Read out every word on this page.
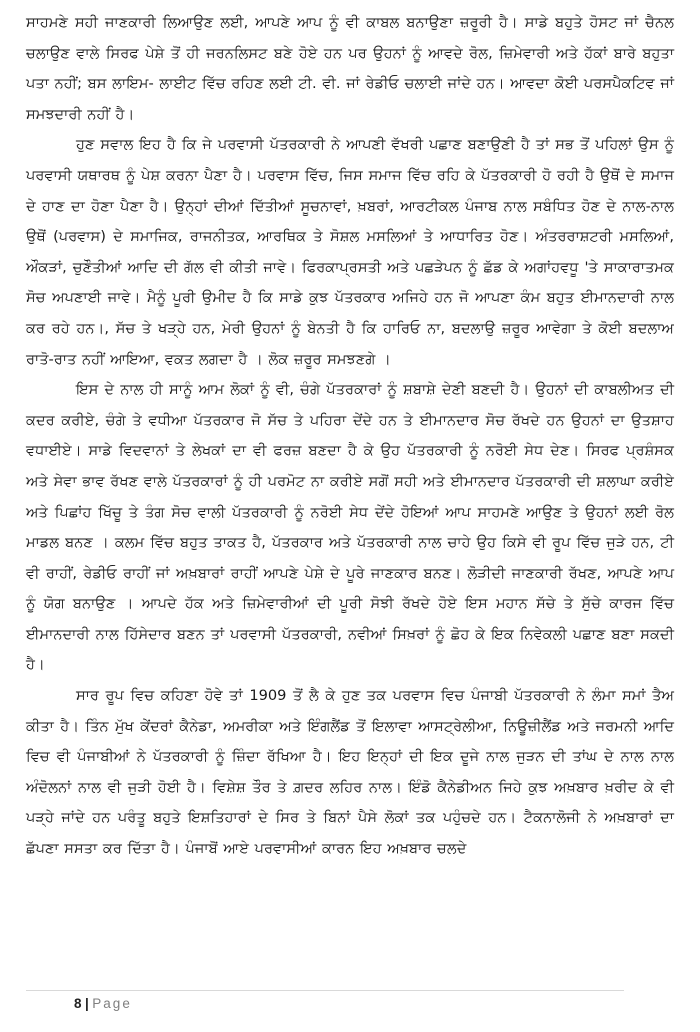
ਸਾਹਮਣੇ ਸਹੀ ਜਾਣਕਾਰੀ ਲਿਆਉਣ ਲਈ, ਆਪਣੇ ਆਪ ਨੂੰ ਵੀ ਕਾਬਲ ਬਨਾਉਣਾ ਜ਼ਰੂਰੀ ਹੈ। ਸਾਡੇ ਬਹੁਤੇ ਹੋਸਟ ਜਾਂ ਚੈਨਲ ਚਲਾਉਣ ਵਾਲੇ ਸਿਰਫ ਪੇਸ਼ੇ ਤੋਂ ਹੀ ਜਰਨਲਿਸਟ ਬਣੇ ਹੋਏ ਹਨ ਪਰ ਉਹਨਾਂ ਨੂੰ ਆਵਦੇ ਰੋਲ, ਜ਼ਿਮੇਵਾਰੀ ਅਤੇ ਹੱਕਾਂ ਬਾਰੇ ਬਹੁਤਾ ਪਤਾ ਨਹੀਂ; ਬਸ ਲਾਇਮ- ਲਾਈਟ ਵਿੱਚ ਰਹਿਣ ਲਈ ਟੀ. ਵੀ. ਜਾਂ ਰੇਡੀਓ ਚਲਾਈ ਜਾਂਦੇ ਹਨ। ਆਵਦਾ ਕੋਈ ਪਰਸਪੈਕਟਿਵ ਜਾਂ ਸਮਝਦਾਰੀ ਨਹੀਂ ਹੈ।

ਹੁਣ ਸਵਾਲ ਇਹ ਹੈ ਕਿ ਜੇ ਪਰਵਾਸੀ ਪੱਤਰਕਾਰੀ ਨੇ ਆਪਣੀ ਵੱਖਰੀ ਪਛਾਣ ਬਣਾਉਣੀ ਹੈ ਤਾਂ ਸਭ ਤੋਂ ਪਹਿਲਾਂ ਉਸ ਨੂੰ ਪਰਵਾਸੀ ਯਥਾਰਥ ਨੂੰ ਪੇਸ਼ ਕਰਨਾ ਪੈਣਾ ਹੈ। ਪਰਵਾਸ ਵਿੱਚ, ਜਿਸ ਸਮਾਜ ਵਿੱਚ ਰਹਿ ਕੇ ਪੱਤਰਕਾਰੀ ਹੋ ਰਹੀ ਹੈ ਉਥੋਂ ਦੇ ਸਮਾਜ ਦੇ ਹਾਣ ਦਾ ਹੋਣਾ ਪੈਣਾ ਹੈ। ਉਨ੍ਹਾਂ ਦੀਆਂ ਦਿੱਤੀਆਂ ਸੂਚਨਾਵਾਂ, ਖ਼ਬਰਾਂ, ਆਰਟੀਕਲ ਪੰਜਾਬ ਨਾਲ ਸਬੰਧਿਤ ਹੋਣ ਦੇ ਨਾਲ-ਨਾਲ ਉਥੋਂ (ਪਰਵਾਸ) ਦੇ ਸਮਾਜਿਕ, ਰਾਜਨੀਤਕ, ਆਰਥਿਕ ਤੇ ਸੋਸ਼ਲ ਮਸਲਿਆਂ ਤੇ ਆਧਾਰਿਤ ਹੋਣ। ਅੰਤਰਰਾਸ਼ਟਰੀ ਮਸਲਿਆਂ, ਔਕੜਾਂ, ਚੁਣੌਤੀਆਂ ਆਦਿ ਦੀ ਗੱਲ ਵੀ ਕੀਤੀ ਜਾਵੇ। ਫਿਰਕਾਪ੍ਰਸਤੀ ਅਤੇ ਪਛੜੇਪਨ ਨੂੰ ਛੱਡ ਕੇ ਅਗਾਂਹਵਧੂ 'ਤੇ ਸਾਕਾਰਾਤਮਕ ਸੋਚ ਅਪਣਾਈ ਜਾਵੇ। ਮੈਨੂੰ ਪੂਰੀ ਉਮੀਦ ਹੈ ਕਿ ਸਾਡੇ ਕੁਝ ਪੱਤਰਕਾਰ ਅਜਿਹੇ ਹਨ ਜੋ ਆਪਣਾ ਕੰਮ ਬਹੁਤ ਈਮਾਨਦਾਰੀ ਨਾਲ ਕਰ ਰਹੇ ਹਨ।, ਸੱਚ ਤੇ ਖੜ੍ਹੇ ਹਨ, ਮੇਰੀ ਉਹਨਾਂ ਨੂੰ ਬੇਨਤੀ ਹੈ ਕਿ ਹਾਰਿਓ ਨਾ, ਬਦਲਾਉ ਜ਼ਰੂਰ ਆਵੇਗਾ ਤੇ ਕੋਈ ਬਦਲਾਅ ਰਾਤੋ-ਰਾਤ ਨਹੀਂ ਆਇਆ, ਵਕਤ ਲਗਦਾ ਹੈ । ਲੋਕ ਜ਼ਰੂਰ ਸਮਝਣਗੇ ।

ਇਸ ਦੇ ਨਾਲ ਹੀ ਸਾਨੂੰ ਆਮ ਲੋਕਾਂ ਨੂੰ ਵੀ, ਚੰਗੇ ਪੱਤਰਕਾਰਾਂ ਨੂੰ ਸ਼ਬਾਸ਼ੇ ਦੇਣੀ ਬਣਦੀ ਹੈ। ਉਹਨਾਂ ਦੀ ਕਾਬਲੀਅਤ ਦੀ ਕਦਰ ਕਰੀਏ, ਚੰਗੇ ਤੇ ਵਧੀਆ ਪੱਤਰਕਾਰ ਜੋ ਸੱਚ ਤੇ ਪਹਿਰਾ ਦੇਂਦੇ ਹਨ ਤੇ ਈਮਾਨਦਾਰ ਸੋਚ ਰੱਖਦੇ ਹਨ ਉਹਨਾਂ ਦਾ ਉਤਸ਼ਾਹ ਵਧਾਈਏ। ਸਾਡੇ ਵਿਦਵਾਨਾਂ ਤੇ ਲੇਖਕਾਂ ਦਾ ਵੀ ਫਰਜ਼ ਬਣਦਾ ਹੈ ਕੇ ਉਹ ਪੱਤਰਕਾਰੀ ਨੂੰ ਨਰੋਈ ਸੇਧ ਦੇਣ। ਸਿਰਫ ਪ੍ਰਸ਼ੰਸਕ ਅਤੇ ਸੇਵਾ ਭਾਵ ਰੱਖਣ ਵਾਲੇ ਪੱਤਰਕਾਰਾਂ ਨੂੰ ਹੀ ਪਰਮੋਟ ਨਾ ਕਰੀਏ ਸਗੋਂ ਸਹੀ ਅਤੇ ਈਮਾਨਦਾਰ ਪੱਤਰਕਾਰੀ ਦੀ ਸ਼ਲਾਘਾ ਕਰੀਏ ਅਤੇ ਪਿਛਾਂਹ ਖਿੱਚੂ ਤੇ ਤੰਗ ਸੋਚ ਵਾਲੀ ਪੱਤਰਕਾਰੀ ਨੂੰ ਨਰੋਈ ਸੇਧ ਦੇਂਦੇ ਹੋਇਆਂ ਆਪ ਸਾਹਮਣੇ ਆਉਣ ਤੇ ਉਹਨਾਂ ਲਈ ਰੋਲ ਮਾਡਲ ਬਨਣ । ਕਲਮ ਵਿੱਚ ਬਹੁਤ ਤਾਕਤ ਹੈ, ਪੱਤਰਕਾਰ ਅਤੇ ਪੱਤਰਕਾਰੀ ਨਾਲ ਚਾਹੇ ਉਹ ਕਿਸੇ ਵੀ ਰੂਪ ਵਿੱਚ ਜੁੜੇ ਹਨ, ਟੀ ਵੀ ਰਾਹੀਂ, ਰੇਡੀਓ ਰਾਹੀਂ ਜਾਂ ਅਖ਼ਬਾਰਾਂ ਰਾਹੀਂ ਆਪਣੇ ਪੇਸ਼ੇ ਦੇ ਪੂਰੇ ਜਾਣਕਾਰ ਬਨਣ। ਲੋੜੀਦੀ ਜਾਣਕਾਰੀ ਰੱਖਣ, ਆਪਣੇ ਆਪ ਨੂੰ ਯੋਗ ਬਨਾਉਣ । ਆਪਦੇ ਹੱਕ ਅਤੇ ਜ਼ਿਮੇਵਾਰੀਆਂ ਦੀ ਪੂਰੀ ਸੋਝੀ ਰੱਖਦੇ ਹੋਏ ਇਸ ਮਹਾਨ ਸੱਚੇ ਤੇ ਸੁੱਚੇ ਕਾਰਜ ਵਿੱਚ ਈਮਾਨਦਾਰੀ ਨਾਲ ਹਿੱਸੇਦਾਰ ਬਣਨ ਤਾਂ ਪਰਵਾਸੀ ਪੱਤਰਕਾਰੀ, ਨਵੀਆਂ ਸਿਖ਼ਰਾਂ ਨੂੰ ਛੋਹ ਕੇ ਇਕ ਨਿਵੇਕਲੀ ਪਛਾਣ ਬਣਾ ਸਕਦੀ ਹੈ।

ਸਾਰ ਰੂਪ ਵਿਚ ਕਹਿਣਾ ਹੋਵੇ ਤਾਂ 1909 ਤੋਂ ਲੈ ਕੇ ਹੁਣ ਤਕ ਪਰਵਾਸ ਵਿਚ ਪੰਜਾਬੀ ਪੱਤਰਕਾਰੀ ਨੇ ਲੰਮਾ ਸਮਾਂ ਤੈਅ ਕੀਤਾ ਹੈ। ਤਿੰਨ ਮੁੱਖ ਕੇਂਦਰਾਂ ਕੈਨੇਡਾ, ਅਮਰੀਕਾ ਅਤੇ ਇੰਗਲੈਂਡ ਤੋਂ ਇਲਾਵਾ ਆਸਟ੍ਰੇਲੀਆ, ਨਿਊਜ਼ੀਲੈਂਡ ਅਤੇ ਜਰਮਨੀ ਆਦਿ ਵਿਚ ਵੀ ਪੰਜਾਬੀਆਂ ਨੇ ਪੱਤਰਕਾਰੀ ਨੂੰ ਜ਼ਿੰਦਾ ਰੱਖਿਆ ਹੈ। ਇਹ ਇਨ੍ਹਾਂ ਦੀ ਇਕ ਦੂਜੇ ਨਾਲ ਜੁੜਨ ਦੀ ਤਾਂਘ ਦੇ ਨਾਲ ਨਾਲ ਅੰਦੋਲਨਾਂ ਨਾਲ ਵੀ ਜੁੜੀ ਹੋਈ ਹੈ। ਵਿਸ਼ੇਸ਼ ਤੌਰ ਤੇ ਗ਼ਦਰ ਲਹਿਰ ਨਾਲ। ਇੰਡੋ ਕੈਨੇਡੀਅਨ ਜਿਹੇ ਕੁਝ ਅਖ਼ਬਾਰ ਖ਼ਰੀਦ ਕੇ ਵੀ ਪੜ੍ਹੇ ਜਾਂਦੇ ਹਨ ਪਰੰਤੂ ਬਹੁਤੇ ਇਸ਼ਤਿਹਾਰਾਂ ਦੇ ਸਿਰ ਤੇ ਬਿਨਾਂ ਪੈਸੇ ਲੋਕਾਂ ਤਕ ਪਹੁੰਚਦੇ ਹਨ। ਟੈਕਨਾਲੋਜੀ ਨੇ ਅਖ਼ਬਾਰਾਂ ਦਾ ਛੱਪਣਾ ਸਸਤਾ ਕਰ ਦਿੱਤਾ ਹੈ। ਪੰਜਾਬੋਂ ਆਏ ਪਰਵਾਸੀਆਂ ਕਾਰਨ ਇਹ ਅਖ਼ਬਾਰ ਚਲਦੇ

8 | Page
